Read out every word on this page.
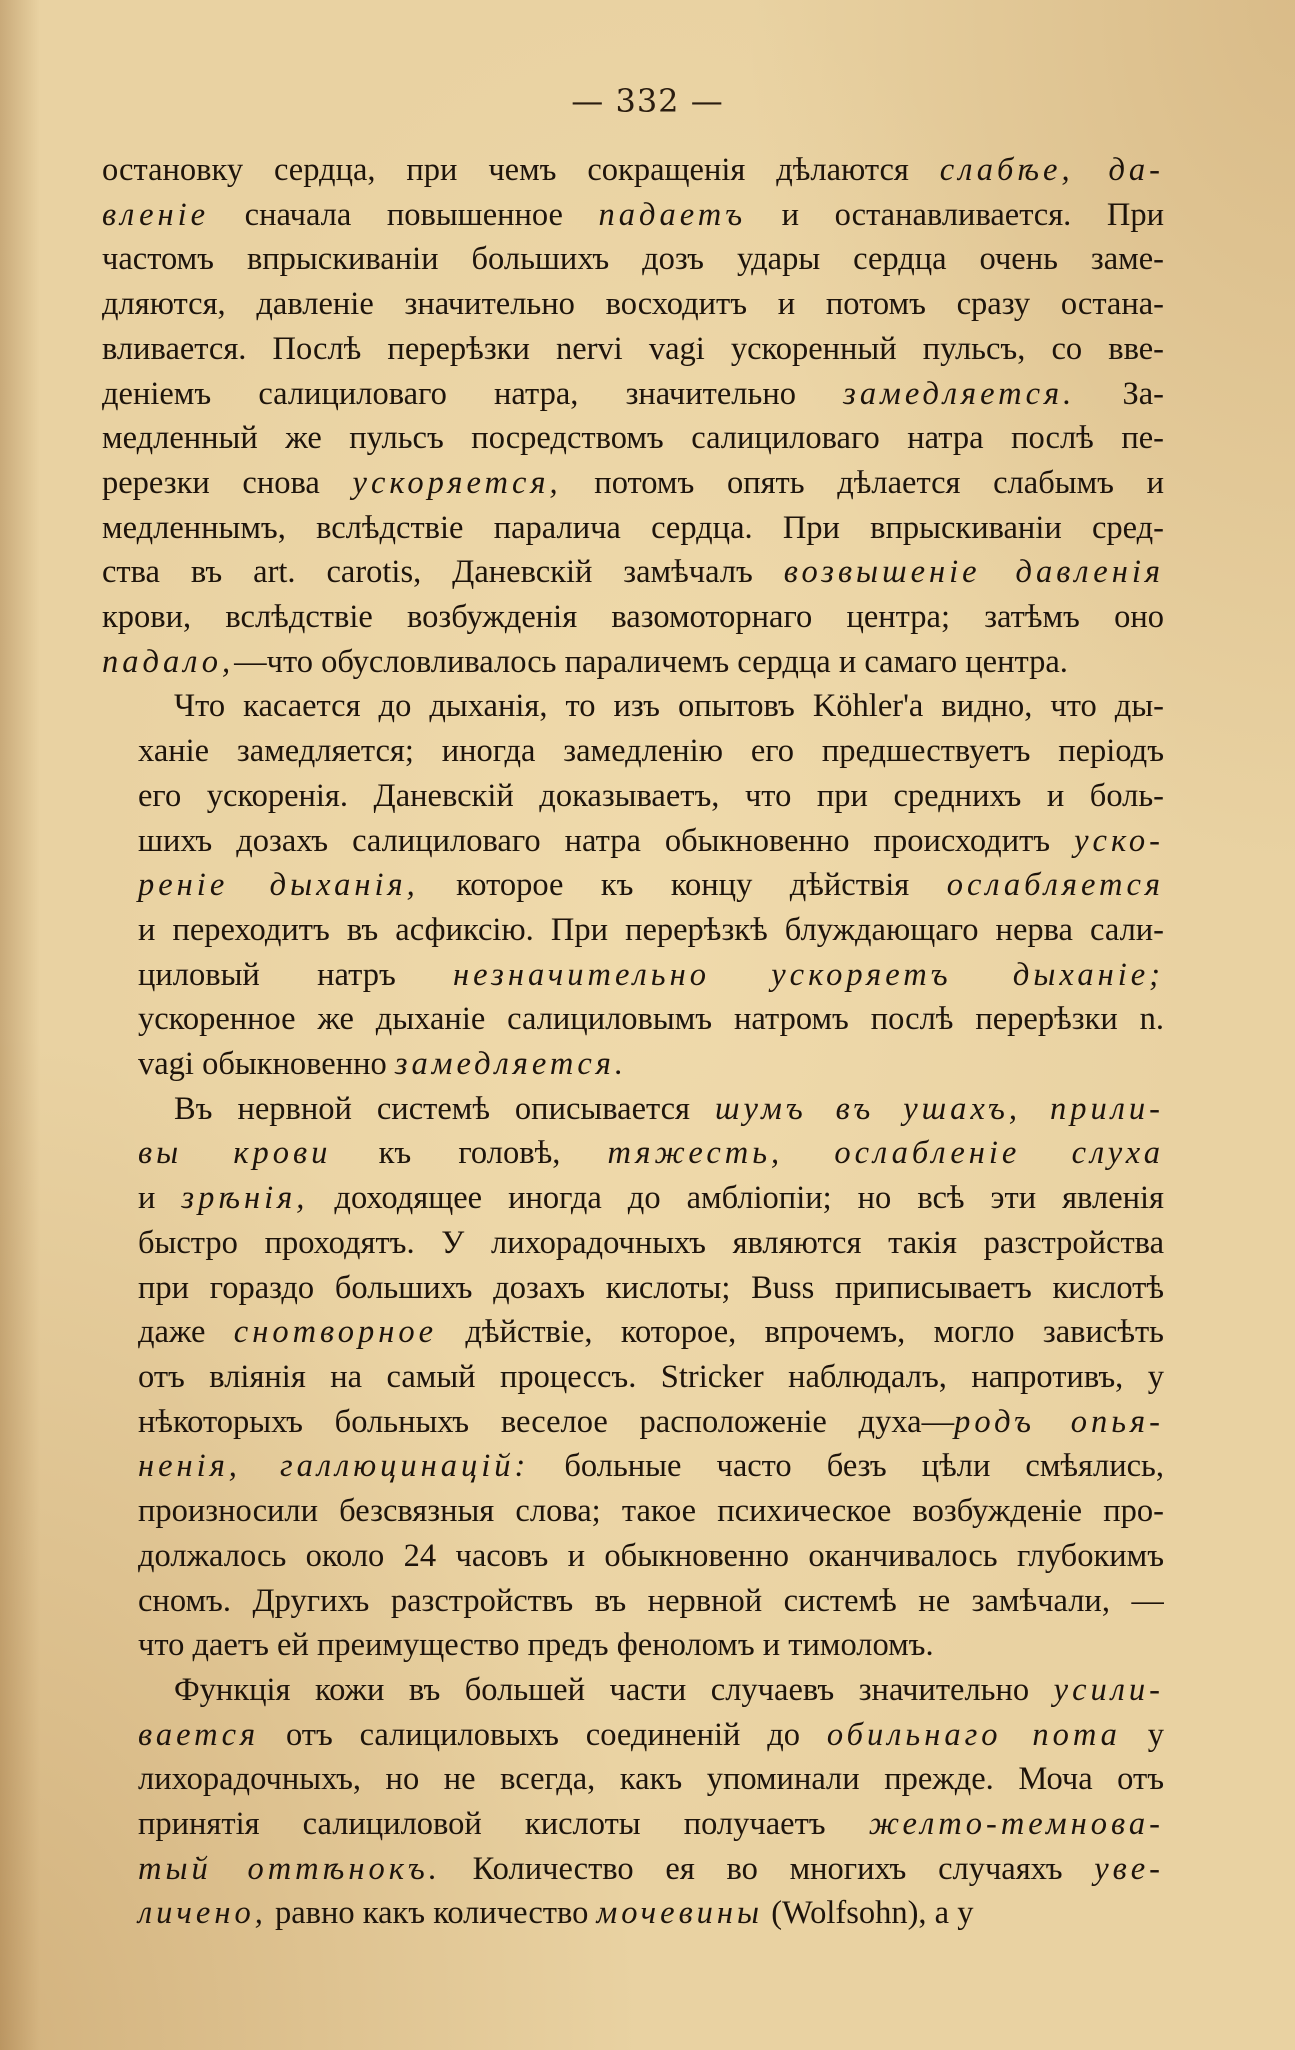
— 332 —

остановку сердца, при чемъ сокращенія дѣлаются слабѣе, да-
вленіе сначала повышенное падаетъ и останавливается. При
частомъ впрыскиваніи большихъ дозъ удары сердца очень заме-
дляются, давленіе значительно восходитъ и потомъ сразу остана-
вливается. Послѣ перерѣзки nervi vagi ускоренный пульсъ, со вве-
деніемъ салициловаго натра, значительно замедляется. За-
медленный же пульсъ посредствомъ салициловаго натра послѣ пе-
ререзки снова ускоряется, потомъ опять дѣлается слабымъ и
медленнымъ, вслѣдствіе паралича сердца. При впрыскиваніи сред-
ства въ art. carotis, Даневскій замѣчалъ возвышеніе давленія
крови, вслѣдствіе возбужденія вазомоторнаго центра; затѣмъ оно
падало,—что обусловливалось параличемъ сердца и самаго центра.

Что касается до дыханія, то изъ опытовъ Köhler'a видно, что ды-
ханіе замедляется; иногда замедленію его предшествуетъ періодъ
его ускоренія. Даневскій доказываетъ, что при среднихъ и боль-
шихъ дозахъ салициловаго натра обыкновенно происходитъ уско-
реніе дыханія, которое къ концу дѣйствія ослабляется
и переходитъ въ асфиксію. При перерѣзкѣ блуждающаго нерва сали-
циловый натръ незначительно ускоряетъ дыханіе;
ускоренное же дыханіе салициловымъ натромъ послѣ перерѣзки n.
vagi обыкновенно замедляется.

Въ нервной системѣ описывается шумъ въ ушахъ, прили-
вы крови къ головѣ, тяжесть, ослабленіе слуха
и зрѣнія, доходящее иногда до амбліопіи; но всѣ эти явленія
быстро проходятъ. У лихорадочныхъ являются такія разстройства
при гораздо большихъ дозахъ кислоты; Buss приписываетъ кислотѣ
даже снотворное дѣйствіе, которое, впрочемъ, могло зависѣть
отъ вліянія на самый процессъ. Stricker наблюдалъ, напротивъ, у
нѣкоторыхъ больныхъ веселое расположеніе духа—родъ опья-
ненія, галлюцинацій: больные часто безъ цѣли смѣялись,
произносили безсвязныя слова; такое психическое возбужденіе про-
должалось около 24 часовъ и обыкновенно оканчивалось глубокимъ
сномъ. Другихъ разстройствъ въ нервной системѣ не замѣчали, —
что даетъ ей преимущество предъ феноломъ и тимоломъ.

Функція кожи въ большей части случаевъ значительно усили-
вается отъ салициловыхъ соединеній до обильнаго пота у
лихорадочныхъ, но не всегда, какъ упоминали прежде. Моча отъ
принятія салициловой кислоты получаетъ желто-темнова-
тый оттѣнокъ. Количество ея во многихъ случаяхъ уве-
личено, равно какъ количество мочевины (Wolfsohn), а у
